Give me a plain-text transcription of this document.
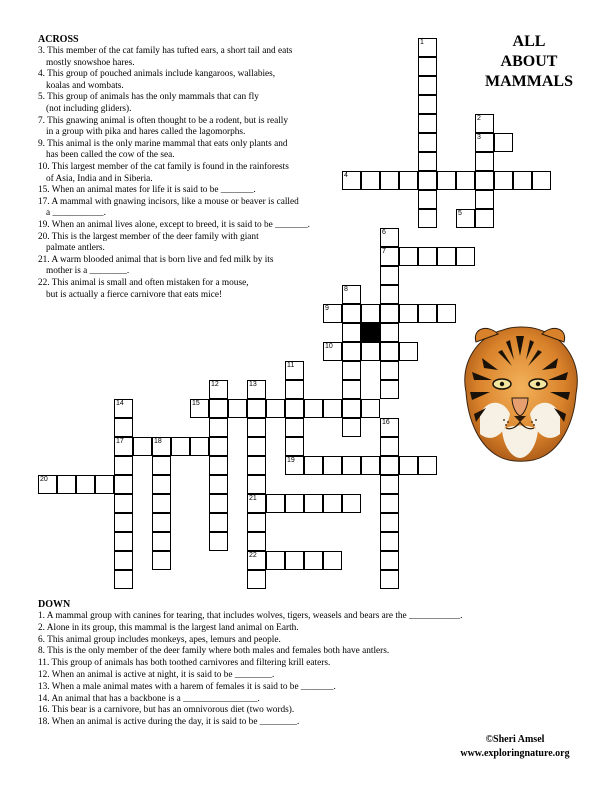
ALL
ABOUT
MAMMALS
ACROSS
3. This member of the cat family has tufted ears, a short tail and eats
mostly snowshoe hares.
4. This group of pouched animals include kangaroos, wallabies,
koalas and wombats.
5. This group of animals has the only mammals that can fly
(not including gliders).
7. This gnawing animal is often thought to be a rodent, but is really
in a group with pika and hares called the lagomorphs.
9. This animal is the only marine mammal that eats only plants and
has been called the cow of the sea.
10. This largest member of the cat family is found in the rainforests
of Asia, India and in Siberia.
15. When an animal mates for life it is said to be _______.
17. A mammal with gnawing incisors, like a mouse or beaver is called
a ___________.
19. When an animal lives alone, except to breed, it is said to be _______.
20. This is the largest member of the deer family with giant
palmate antlers.
21. A warm blooded animal that is born live and fed milk by its
mother is a ________.
22. This animal is small and often mistaken for a mouse,
but is actually a fierce carnivore that eats mice!
DOWN
1. A mammal group with canines for tearing, that includes wolves, tigers, weasels and bears are the ___________.
2. Alone in its group, this mammal is the largest land animal on Earth.
6. This animal group includes monkeys, apes, lemurs and people.
8. This is the only member of the deer family where both males and females both have antlers.
11. This group of animals has both toothed carnivores and filtering krill eaters.
12. When an animal is active at night, it is said to be ________.
13. When a male animal mates with a harem of females it is said to be _______.
14. An animal that has a backbone is a ________________.
16. This bear is a carnivore, but has an omnivorous diet (two words).
18. When an animal is active during the day, it is said to be ________.
1
2
3
4
5
6
7
8
9
10
11
19
12	13
21
22
14
17
15
16
18
20
©Sheri Amsel
www.exploringnature.org
